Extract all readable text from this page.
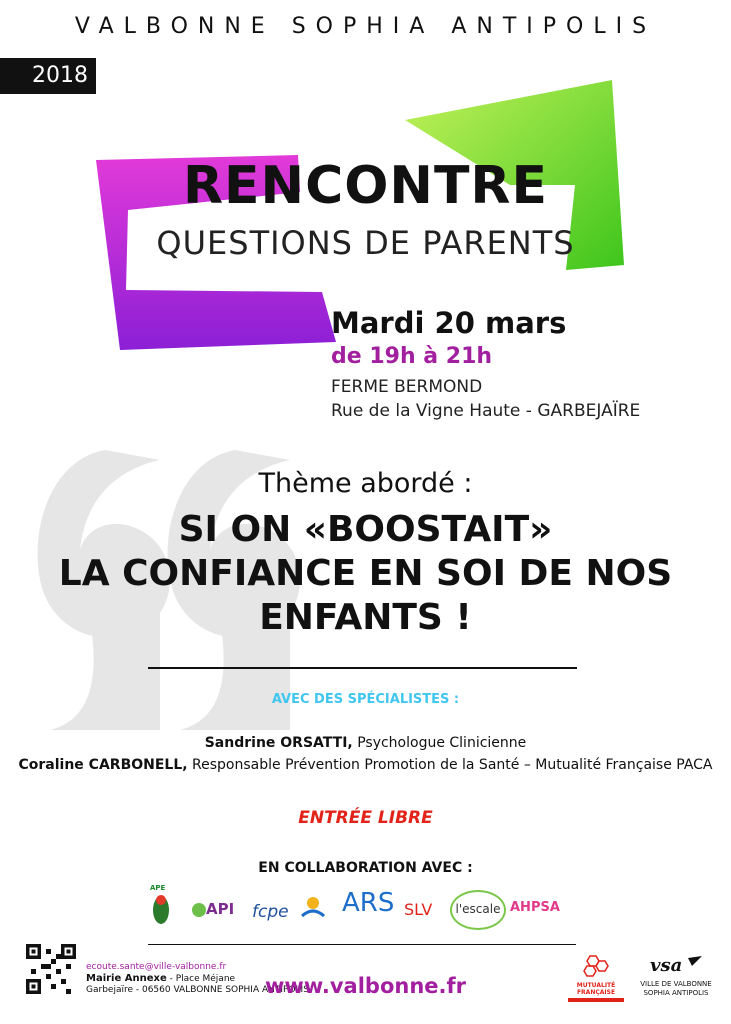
VALBONNE SOPHIA ANTIPOLIS
2018
RENCONTRE
QUESTIONS DE PARENTS
Mardi 20 mars
de 19h à 21h
FERME BERMOND
Rue de la Vigne Haute - GARBEJAÏRE
Thème abordé :
SI ON «BOOSTAIT»
LA CONFIANCE EN SOI DE NOS
ENFANTS !
AVEC DES SPÉCIALISTES :
Sandrine ORSATTI, Psychologue Clinicienne
Coraline CARBONELL, Responsable Prévention Promotion de la Santé – Mutualité Française PACA
ENTRÉE LIBRE
EN COLLABORATION AVEC :
APE
API fcpe ARS SLV	l'escale AHPSA
ecoute.sante@ville-valbonne.fr
Mairie Annexe - Place Méjane
Garbejaïre - 06560 VALBONNE SOPHIA ANTIPOLIS
www.valbonne.fr	MUTUALITÉ FRANÇAISE
vsa
VILLE DE VALBONNE
SOPHIA ANTIPOLIS
